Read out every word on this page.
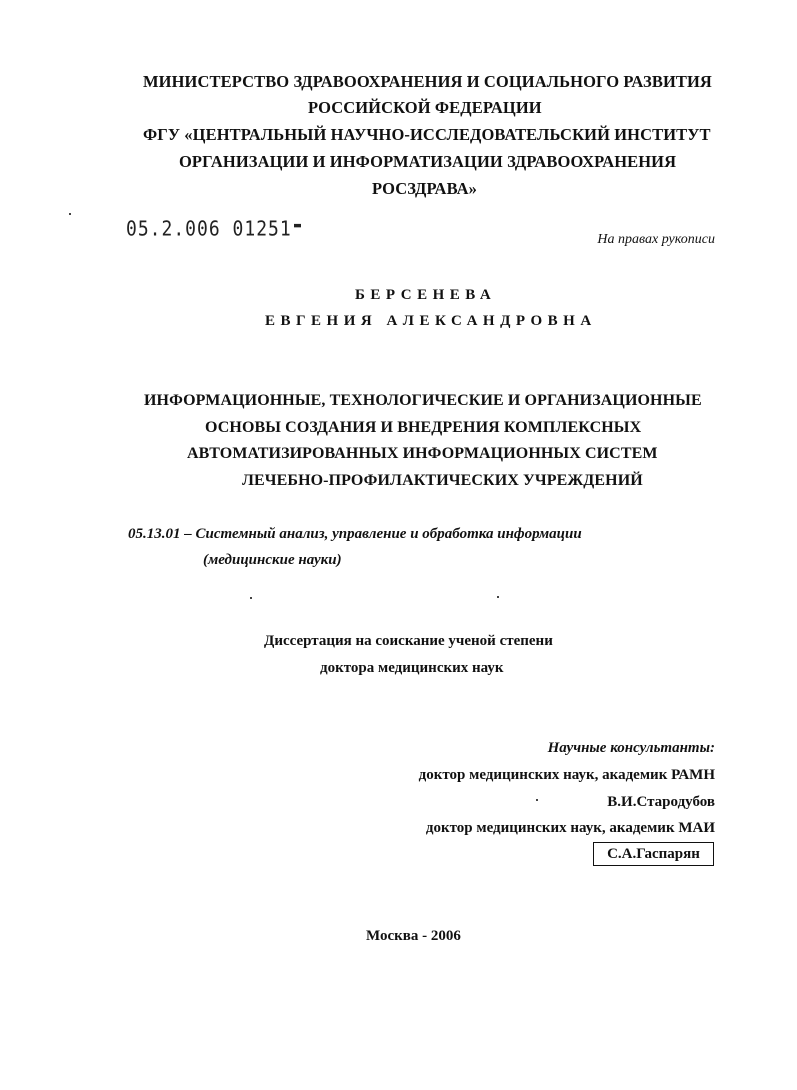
МИНИСТЕРСТВО ЗДРАВООХРАНЕНИЯ И СОЦИАЛЬНОГО РАЗВИТИЯ
РОССИЙСКОЙ ФЕДЕРАЦИИ
ФГУ «ЦЕНТРАЛЬНЫЙ НАУЧНО-ИССЛЕДОВАТЕЛЬСКИЙ ИНСТИТУТ
ОРГАНИЗАЦИИ И ИНФОРМАТИЗАЦИИ ЗДРАВООХРАНЕНИЯ
РОСЗДРАВА»
05.2.006 01251	На правах рукописи
БЕРСЕНЕВА
ЕВГЕНИЯ АЛЕКСАНДРОВНА
ИНФОРМАЦИОННЫЕ, ТЕХНОЛОГИЧЕСКИЕ И ОРГАНИЗАЦИОННЫЕ
ОСНОВЫ СОЗДАНИЯ И ВНЕДРЕНИЯ КОМПЛЕКСНЫХ
АВТОМАТИЗИРОВАННЫХ ИНФОРМАЦИОННЫХ СИСТЕМ
ЛЕЧЕБНО-ПРОФИЛАКТИЧЕСКИХ УЧРЕЖДЕНИЙ
05.13.01 – Системный анализ, управление и обработка информации
(медицинские науки)
Диссертация на соискание ученой степени
доктора медицинских наук
Научные консультанты:
доктор медицинских наук, академик РАМН
В.И.Стародубов
доктор медицинских наук, академик МАИ
С.А.Гаспарян
Москва - 2006
